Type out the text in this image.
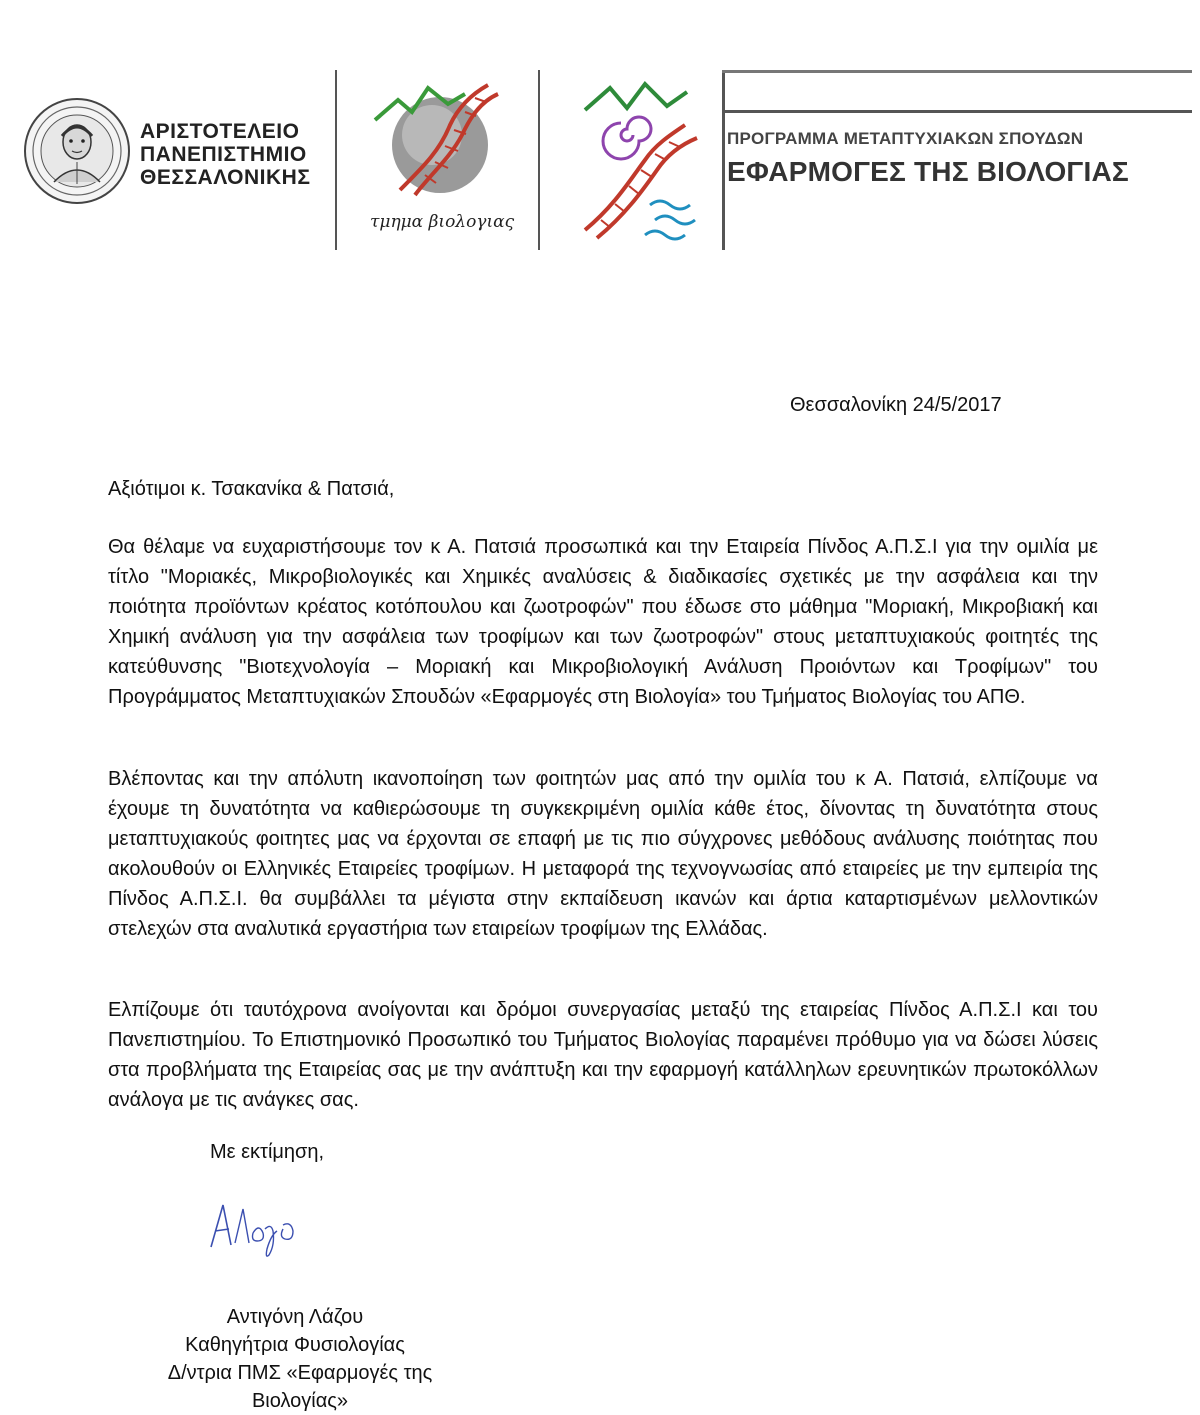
ΑΡΙΣΤΟΤΕΛΕΙΟ
ΠΑΝΕΠΙΣΤΗΜΙΟ
ΘΕΣΣΑΛΟΝΙΚΗΣ
τμημα βιολογιας
ΠΡΟΓΡΑΜΜΑ ΜΕΤΑΠΤΥΧΙΑΚΩΝ ΣΠΟΥΔΩΝ
ΕΦΑΡΜΟΓΕΣ ΤΗΣ ΒΙΟΛΟΓΙΑΣ
Θεσσαλονίκη 24/5/2017
Αξιότιμοι κ. Τσακανίκα & Πατσιά,
Θα θέλαμε να ευχαριστήσουμε τον κ Α. Πατσιά προσωπικά και την Εταιρεία Πίνδος Α.Π.Σ.Ι για την ομιλία με τίτλο "Μοριακές, Μικροβιολογικές και Χημικές αναλύσεις & διαδικασίες σχετικές με την ασφάλεια και την ποιότητα προϊόντων κρέατος κοτόπουλου και ζωοτροφών" που έδωσε στο μάθημα "Μοριακή, Μικροβιακή και Χημική ανάλυση για την ασφάλεια των τροφίμων και των ζωοτροφών" στους μεταπτυχιακούς φοιτητές της κατεύθυνσης "Βιοτεχνολογία – Μοριακή και Μικροβιολογική Ανάλυση Προιόντων και Τροφίμων" του Προγράμματος Μεταπτυχιακών Σπουδών «Εφαρμογές στη Βιολογία» του Τμήματος Βιολογίας του ΑΠΘ.
Βλέποντας και την απόλυτη ικανοποίηση των φοιτητών μας από την ομιλία του κ Α. Πατσιά, ελπίζουμε να έχουμε τη δυνατότητα να καθιερώσουμε τη συγκεκριμένη ομιλία κάθε έτος, δίνοντας τη δυνατότητα στους μεταπτυχιακούς φοιτητες μας να έρχονται σε επαφή με τις πιο σύγχρονες μεθόδους ανάλυσης ποιότητας που ακολουθούν οι Ελληνικές Εταιρείες τροφίμων. Η μεταφορά της τεχνογνωσίας από εταιρείες με την εμπειρία της Πίνδος Α.Π.Σ.Ι. θα συμβάλλει τα μέγιστα στην εκπαίδευση ικανών και άρτια καταρτισμένων μελλοντικών στελεχών στα αναλυτικά εργαστήρια των εταιρείων τροφίμων της Ελλάδας.
Ελπίζουμε ότι ταυτόχρονα ανοίγονται και δρόμοι συνεργασίας μεταξύ της εταιρείας Πίνδος Α.Π.Σ.Ι και του Πανεπιστημίου. Το Επιστημονικό Προσωπικό του Τμήματος Βιολογίας παραμένει πρόθυμο για να δώσει λύσεις στα προβλήματα της Εταιρείας σας με την ανάπτυξη και την εφαρμογή κατάλληλων ερευνητικών πρωτοκόλλων ανάλογα με τις ανάγκες σας.
Με εκτίμηση,
Αντιγόνη Λάζου
Καθηγήτρια Φυσιολογίας
Δ/ντρια ΠΜΣ «Εφαρμογές της Βιολογίας»
